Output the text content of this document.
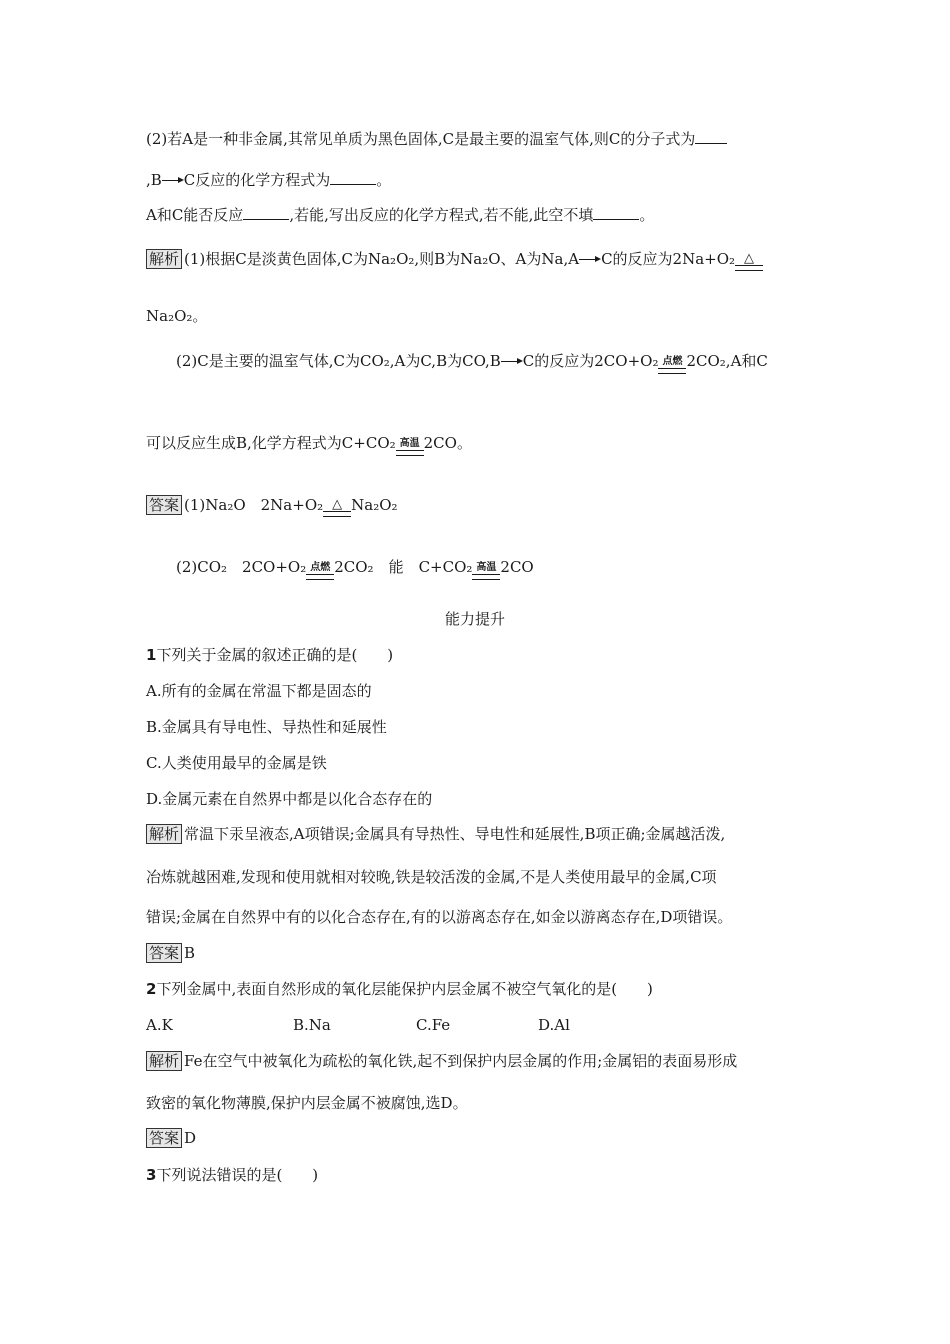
(2)若A是一种非金属,其常见单质为黑色固体,C是最主要的温室气体,则C的分子式为
,B C反应的化学方程式为	。
A和C能否反应	,若能,写出反应的化学方程式,若不能,此空不填	。
解析 (1)根据C是淡黄色固体,C为Na₂O₂,则B为Na₂O、A为Na,A C的反应为2Na+O₂ △
Na₂O₂。
(2)C是主要的温室气体,C为CO₂,A为C,B为CO,B C的反应为2CO+O₂ 点燃 2CO₂,A和C
可以反应生成B,化学方程式为C+CO₂ 高温 2CO。
答案 (1)Na₂O　2Na+O₂ △ Na₂O₂
(2)CO₂　2CO+O₂ 点燃 2CO₂　能　C+CO₂ 高温 2CO
能力提升
1下列关于金属的叙述正确的是(　　)
A.所有的金属在常温下都是固态的
B.金属具有导电性、导热性和延展性
C.人类使用最早的金属是铁
D.金属元素在自然界中都是以化合态存在的
解析 常温下汞呈液态,A项错误;金属具有导热性、导电性和延展性,B项正确;金属越活泼,
冶炼就越困难,发现和使用就相对较晚,铁是较活泼的金属,不是人类使用最早的金属,C项
错误;金属在自然界中有的以化合态存在,有的以游离态存在,如金以游离态存在,D项错误。
答案 B
2下列金属中,表面自然形成的氧化层能保护内层金属不被空气氧化的是(　　)
A.K	B.Na	C.Fe	D.Al
解析 Fe在空气中被氧化为疏松的氧化铁,起不到保护内层金属的作用;金属铝的表面易形成
致密的氧化物薄膜,保护内层金属不被腐蚀,选D。
答案 D
3下列说法错误的是(　　)
